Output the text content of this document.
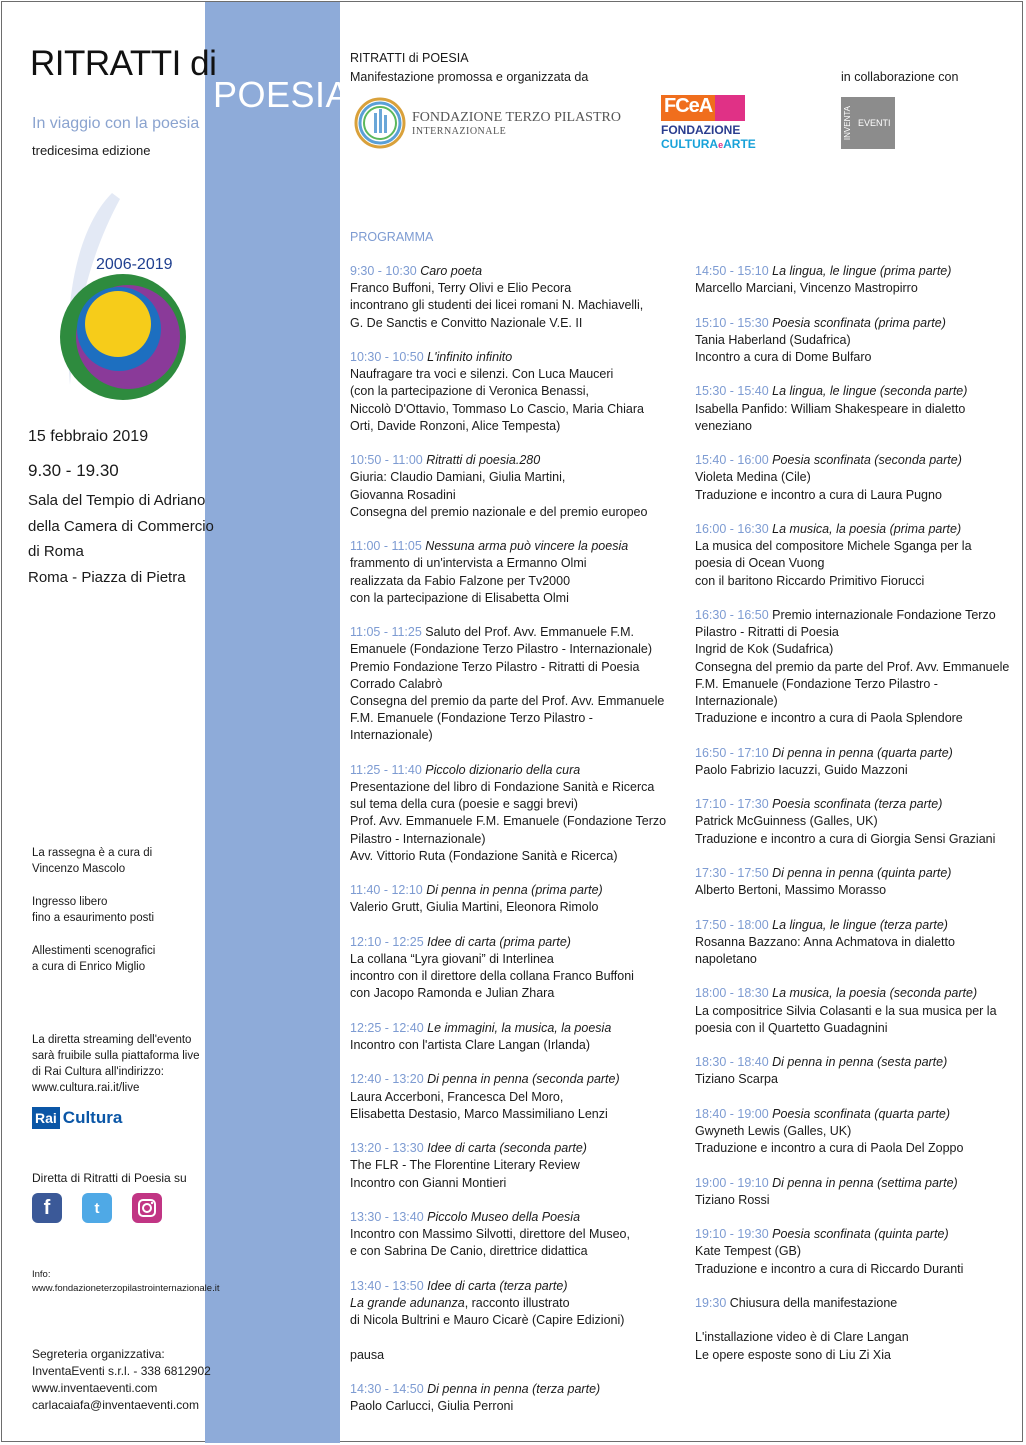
RITRATTI di
POESIA
In viaggio con la poesia
tredicesima edizione
2006-2019
15 febbraio 2019
9.30 - 19.30
Sala del Tempio di Adriano
della Camera di Commercio
di Roma
Roma - Piazza di Pietra
La rassegna è a cura di
Vincenzo Mascolo
Ingresso libero
fino a esaurimento posti
Allestimenti scenografici
a cura di Enrico Miglio
La diretta streaming dell'evento
sarà fruibile sulla piattaforma live
di Rai Cultura all'indirizzo:
www.cultura.rai.it/live
Rai Cultura
Diretta di Ritratti di Poesia su
f	t
Info:
www.fondazioneterzopilastrointernazionale.it
Segreteria organizzativa:
InventaEventi s.r.l. - 338 6812902
www.inventaeventi.com
carlacaiafa@inventaeventi.com
RITRATTI di POESIA
Manifestazione promossa e organizzata da	in collaborazione con
FONDAZIONE TERZO PILASTRO
INTERNAZIONALE
FCeA
FONDAZIONE
CULTURAeARTE
INVENTA EVENTI
PROGRAMMA
9:30 - 10:30 Caro poeta
Franco Buffoni, Terry Olivi e Elio Pecora
incontrano gli studenti dei licei romani N. Machiavelli,
G. De Sanctis e Convitto Nazionale V.E. II
10:30 - 10:50 L'infinito infinito
Naufragare tra voci e silenzi. Con Luca Mauceri
(con la partecipazione di Veronica Benassi,
Niccolò D'Ottavio, Tommaso Lo Cascio, Maria Chiara
Orti, Davide Ronzoni, Alice Tempesta)
10:50 - 11:00 Ritratti di poesia.280
Giuria: Claudio Damiani, Giulia Martini,
Giovanna Rosadini
Consegna del premio nazionale e del premio europeo
11:00 - 11:05 Nessuna arma può vincere la poesia
frammento di un'intervista a Ermanno Olmi
realizzata da Fabio Falzone per Tv2000
con la partecipazione di Elisabetta Olmi
11:05 - 11:25 Saluto del Prof. Avv. Emmanuele F.M.
Emanuele (Fondazione Terzo Pilastro - Internazionale)
Premio Fondazione Terzo Pilastro - Ritratti di Poesia
Corrado Calabrò
Consegna del premio da parte del Prof. Avv. Emmanuele
F.M. Emanuele (Fondazione Terzo Pilastro -
Internazionale)
11:25 - 11:40 Piccolo dizionario della cura
Presentazione del libro di Fondazione Sanità e Ricerca
sul tema della cura (poesie e saggi brevi)
Prof. Avv. Emmanuele F.M. Emanuele (Fondazione Terzo
Pilastro - Internazionale)
Avv. Vittorio Ruta (Fondazione Sanità e Ricerca)
11:40 - 12:10 Di penna in penna (prima parte)
Valerio Grutt, Giulia Martini, Eleonora Rimolo
12:10 - 12:25 Idee di carta (prima parte)
La collana “Lyra giovani” di Interlinea
incontro con il direttore della collana Franco Buffoni
con Jacopo Ramonda e Julian Zhara
12:25 - 12:40 Le immagini, la musica, la poesia
Incontro con l'artista Clare Langan (Irlanda)
12:40 - 13:20 Di penna in penna (seconda parte)
Laura Accerboni, Francesca Del Moro,
Elisabetta Destasio, Marco Massimiliano Lenzi
13:20 - 13:30 Idee di carta (seconda parte)
The FLR - The Florentine Literary Review
Incontro con Gianni Montieri
13:30 - 13:40 Piccolo Museo della Poesia
Incontro con Massimo Silvotti, direttore del Museo,
e con Sabrina De Canio, direttrice didattica
13:40 - 13:50 Idee di carta (terza parte)
La grande adunanza, racconto illustrato
di Nicola Bultrini e Mauro Cicarè (Capire Edizioni)
pausa
14:30 - 14:50 Di penna in penna (terza parte)
Paolo Carlucci, Giulia Perroni
14:50 - 15:10 La lingua, le lingue (prima parte)
Marcello Marciani, Vincenzo Mastropirro
15:10 - 15:30 Poesia sconfinata (prima parte)
Tania Haberland (Sudafrica)
Incontro a cura di Dome Bulfaro
15:30 - 15:40 La lingua, le lingue (seconda parte)
Isabella Panfido: William Shakespeare in dialetto
veneziano
15:40 - 16:00 Poesia sconfinata (seconda parte)
Violeta Medina (Cile)
Traduzione e incontro a cura di Laura Pugno
16:00 - 16:30 La musica, la poesia (prima parte)
La musica del compositore Michele Sganga per la
poesia di Ocean Vuong
con il baritono Riccardo Primitivo Fiorucci
16:30 - 16:50 Premio internazionale Fondazione Terzo
Pilastro - Ritratti di Poesia
Ingrid de Kok (Sudafrica)
Consegna del premio da parte del Prof. Avv. Emmanuele
F.M. Emanuele (Fondazione Terzo Pilastro -
Internazionale)
Traduzione e incontro a cura di Paola Splendore
16:50 - 17:10 Di penna in penna (quarta parte)
Paolo Fabrizio Iacuzzi, Guido Mazzoni
17:10 - 17:30 Poesia sconfinata (terza parte)
Patrick McGuinness (Galles, UK)
Traduzione e incontro a cura di Giorgia Sensi Graziani
17:30 - 17:50 Di penna in penna (quinta parte)
Alberto Bertoni, Massimo Morasso
17:50 - 18:00 La lingua, le lingue (terza parte)
Rosanna Bazzano: Anna Achmatova in dialetto
napoletano
18:00 - 18:30 La musica, la poesia (seconda parte)
La compositrice Silvia Colasanti e la sua musica per la
poesia con il Quartetto Guadagnini
18:30 - 18:40 Di penna in penna (sesta parte)
Tiziano Scarpa
18:40 - 19:00 Poesia sconfinata (quarta parte)
Gwyneth Lewis (Galles, UK)
Traduzione e incontro a cura di Paola Del Zoppo
19:00 - 19:10 Di penna in penna (settima parte)
Tiziano Rossi
19:10 - 19:30 Poesia sconfinata (quinta parte)
Kate Tempest (GB)
Traduzione e incontro a cura di Riccardo Duranti
19:30 Chiusura della manifestazione
L'installazione video è di Clare Langan
Le opere esposte sono di Liu Zi Xia
